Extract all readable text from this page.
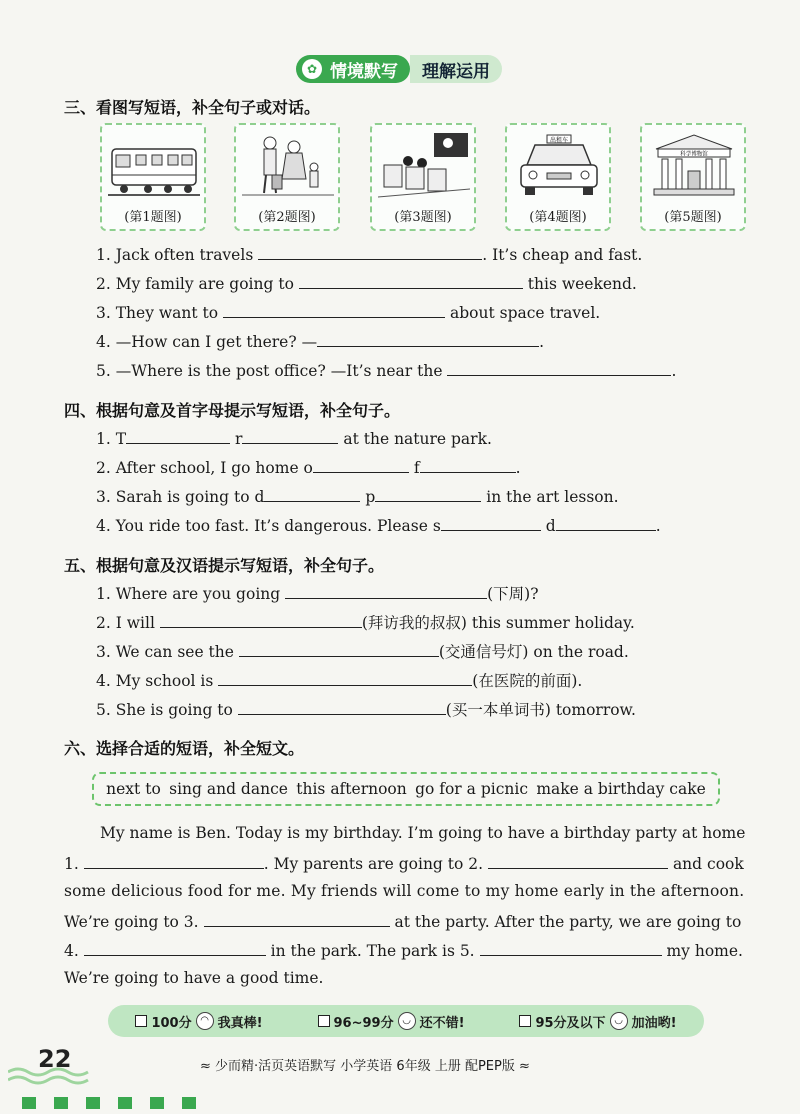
✿ 情境默写	理解运用
三、看图写短语，补全句子或对话。
(第1题图)	(第2题图)	(第3题图)
出租车
(第4题图)
科学博物馆
(第5题图)
1. Jack often travels	. It’s cheap and fast.
2. My family are going to	this weekend.
3. They want to	about space travel.
4. —How can I get there? —	.
5. —Where is the post office? —It’s near the	.
四、根据句意及首字母提示写短语，补全句子。
1. T	r	at the nature park.
2. After school, I go home o	f	.
3. Sarah is going to d	p	in the art lesson.
4. You ride too fast. It’s dangerous. Please s	d	.
五、根据句意及汉语提示写短语，补全句子。
1. Where are you going	(下周)?
2. I will	(拜访我的叔叔) this summer holiday.
3. We can see the	(交通信号灯) on the road.
4. My school is	(在医院的前面).
5. She is going to	(买一本单词书) tomorrow.
六、选择合适的短语，补全短文。
next to sing and dance this afternoon go for a picnic make a birthday cake
My name is Ben. Today is my birthday. I’m going to have a birthday party at home
1.	. My parents are going to 2.	and cook
some delicious food for me. My friends will come to my home early in the afternoon.
We’re going to 3.	at the party. After the party, we are going to
4.	in the park. The park is 5.	my home.
We’re going to have a good time.
100分 ◠ 我真棒!	96~99分 ◡ 还不错!	95分及以下 ◡ 加油哟!
22	≈ 少而精·活页英语默写 小学英语 6年级 上册 配PEP版 ≈
